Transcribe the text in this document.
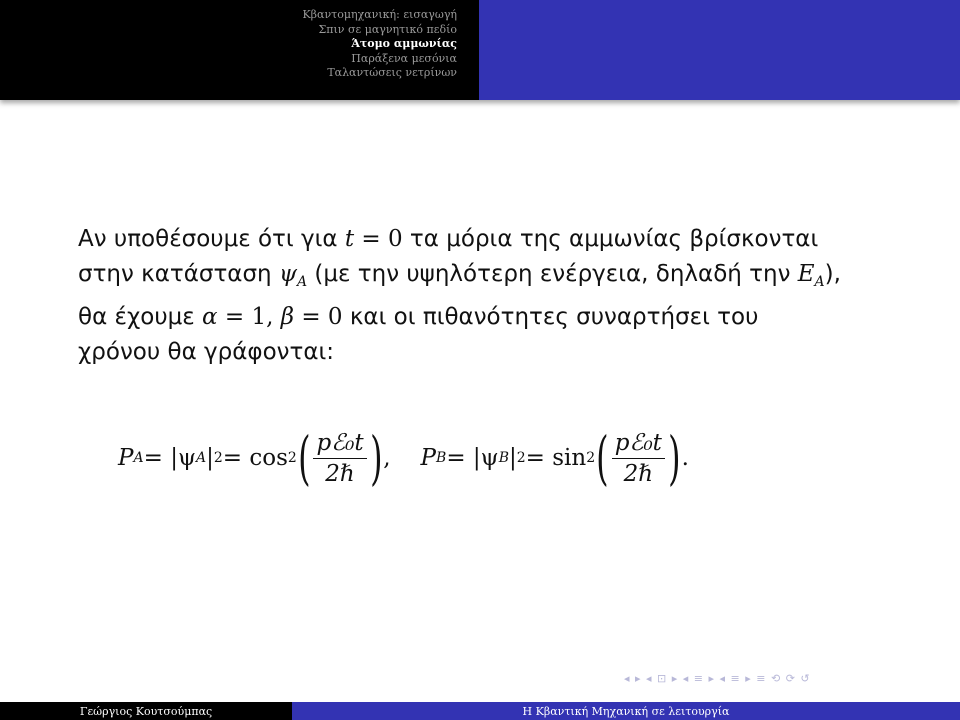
Κβαντομηχανική: εισαγωγή
Σπιν σε μαγνητικό πεδίο
Άτομο αμμωνίας
Παράξενα μεσόνια
Ταλαντώσεις νετρίνων
Αν υποθέσουμε ότι για t = 0 τα μόρια της αμμωνίας βρίσκονται
στην κατάσταση $\psi_A$ (με την υψηλότερη ενέργεια, δηλαδή την $E_A$),
θα έχουμε α = 1, β = 0 και οι πιθανότητες συναρτήσει του
χρόνου θα γράφονται:
P A = |ψ A | 2 = cos 2 ( $\frac{\text{pℰ₀t}}{\text{2ℏ}}$ ) , P B = |ψ B | 2 = sin 2 ( $\frac{\text{pℰ₀t}}{\text{2ℏ}}$ ) .
◂ ▸ ◂ ⊡ ▸ ◂ ≡ ▸ ◂ ≡ ▸ ≡ ⟲ ⟳ ↺
Γεώργιος Κουτσούμπας	Η Κβαντική Μηχανική σε λειτουργία
